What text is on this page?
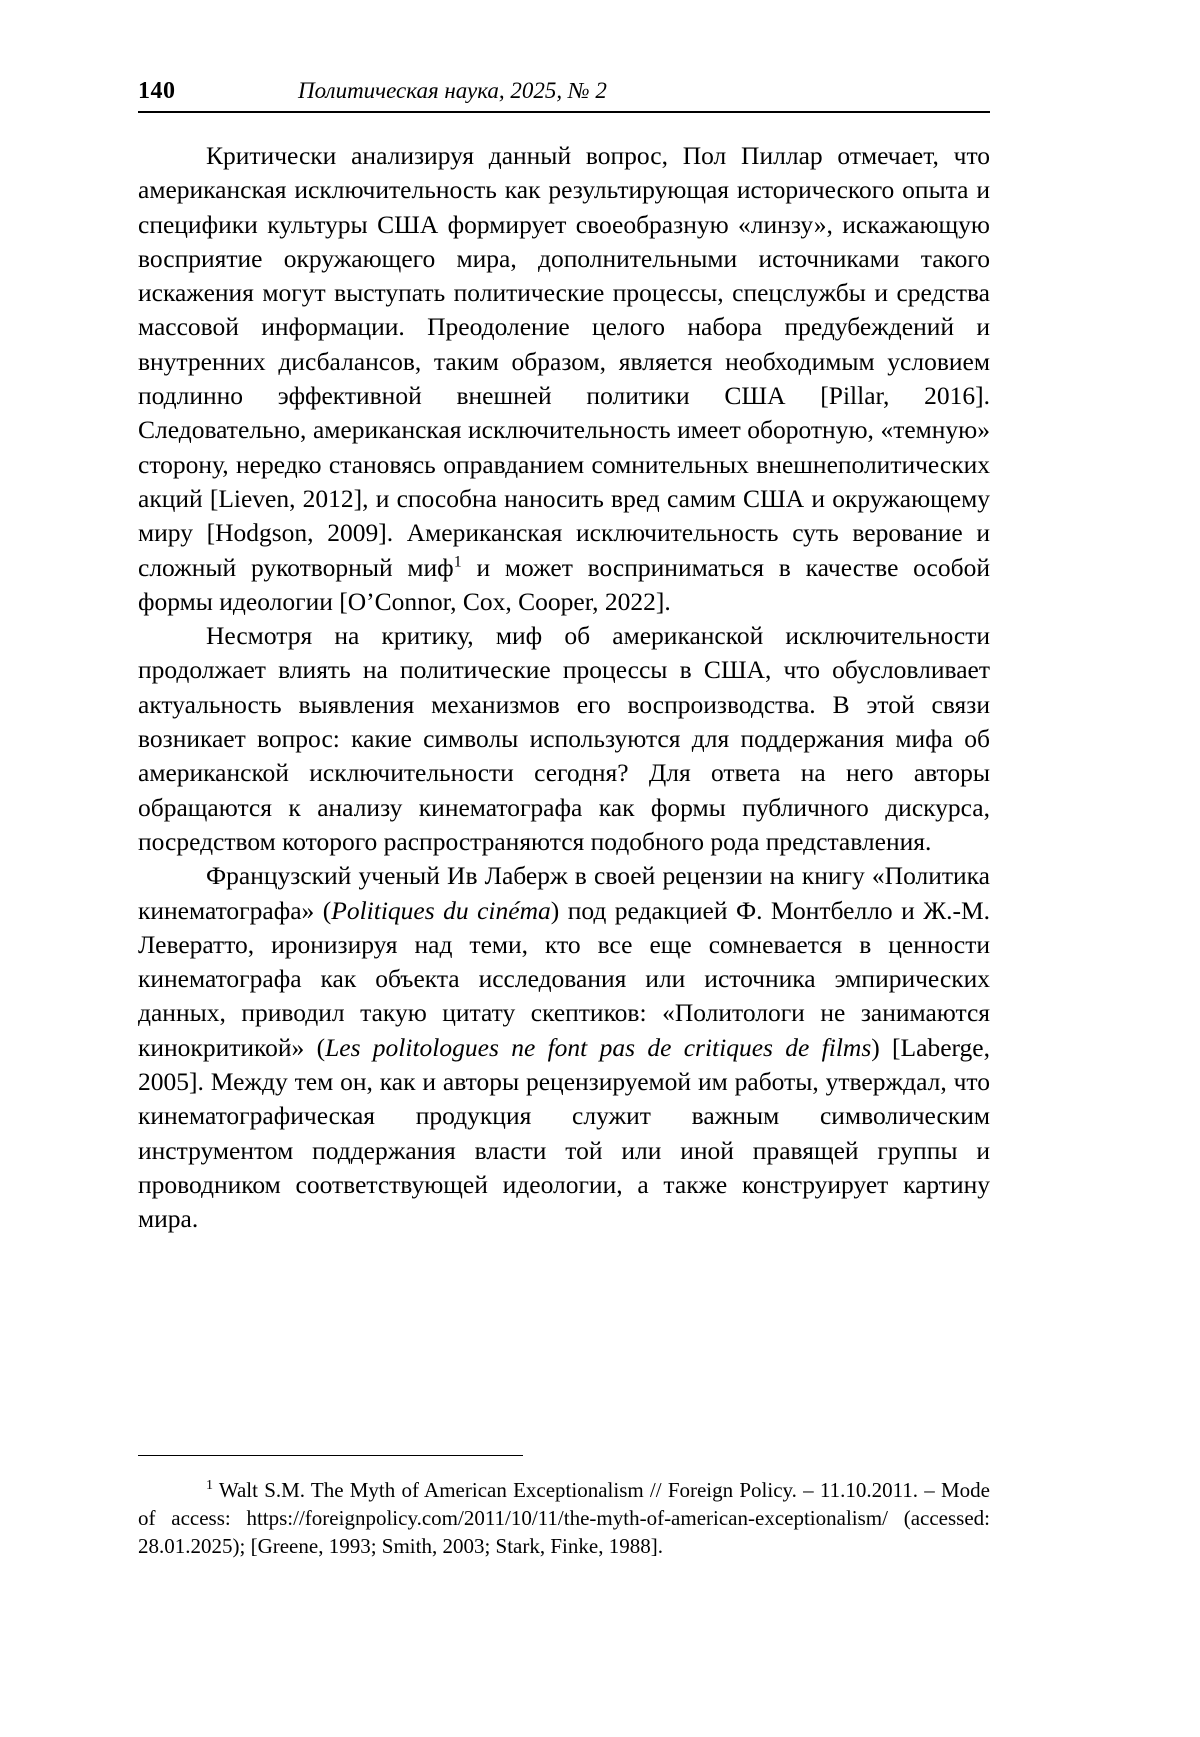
140	Политическая наука, 2025, № 2

Критически анализируя данный вопрос, Пол Пиллар отмечает, что американская исключительность как результирующая исторического опыта и специфики культуры США формирует своеобразную «линзу», искажающую восприятие окружающего мира, дополнительными источниками такого искажения могут выступать политические процессы, спецслужбы и средства массовой информации. Преодоление целого набора предубеждений и внутренних дисбалансов, таким образом, является необходимым условием подлинно эффективной внешней политики США [Pillar, 2016]. Следовательно, американская исключительность имеет оборотную, «темную» сторону, нередко становясь оправданием сомнительных внешнеполитических акций [Lieven, 2012], и способна наносить вред самим США и окружающему миру [Hodgson, 2009]. Американская исключительность суть верование и сложный рукотворный миф$^1$ и может восприниматься в качестве особой формы идеологии [O’Connor, Cox, Cooper, 2022].

Несмотря на критику, миф об американской исключительности продолжает влиять на политические процессы в США, что обусловливает актуальность выявления механизмов его воспроизводства. В этой связи возникает вопрос: какие символы используются для поддержания мифа об американской исключительности сегодня? Для ответа на него авторы обращаются к анализу кинематографа как формы публичного дискурса, посредством которого распространяются подобного рода представления.

Французский ученый Ив Лаберж в своей рецензии на книгу «Политика кинематографа» (Politiques du cinéma) под редакцией Ф. Монтбелло и Ж.-М. Левератто, иронизируя над теми, кто все еще сомневается в ценности кинематографа как объекта исследования или источника эмпирических данных, приводил такую цитату скептиков: «Политологи не занимаются кинокритикой» (Les politologues ne font pas de critiques de films) [Laberge, 2005]. Между тем он, как и авторы рецензируемой им работы, утверждал, что кинематографическая продукция служит важным символическим инструментом поддержания власти той или иной правящей группы и проводником соответствующей идеологии, а также конструирует картину мира.

$^1$ Walt S.M. The Myth of American Exceptionalism // Foreign Policy. – 11.10.2011. – Mode of access: https://foreignpolicy.com/2011/10/11/the-myth-of-american-exceptionalism/ (accessed: 28.01.2025); [Greene, 1993; Smith, 2003; Stark, Finke, 1988].
